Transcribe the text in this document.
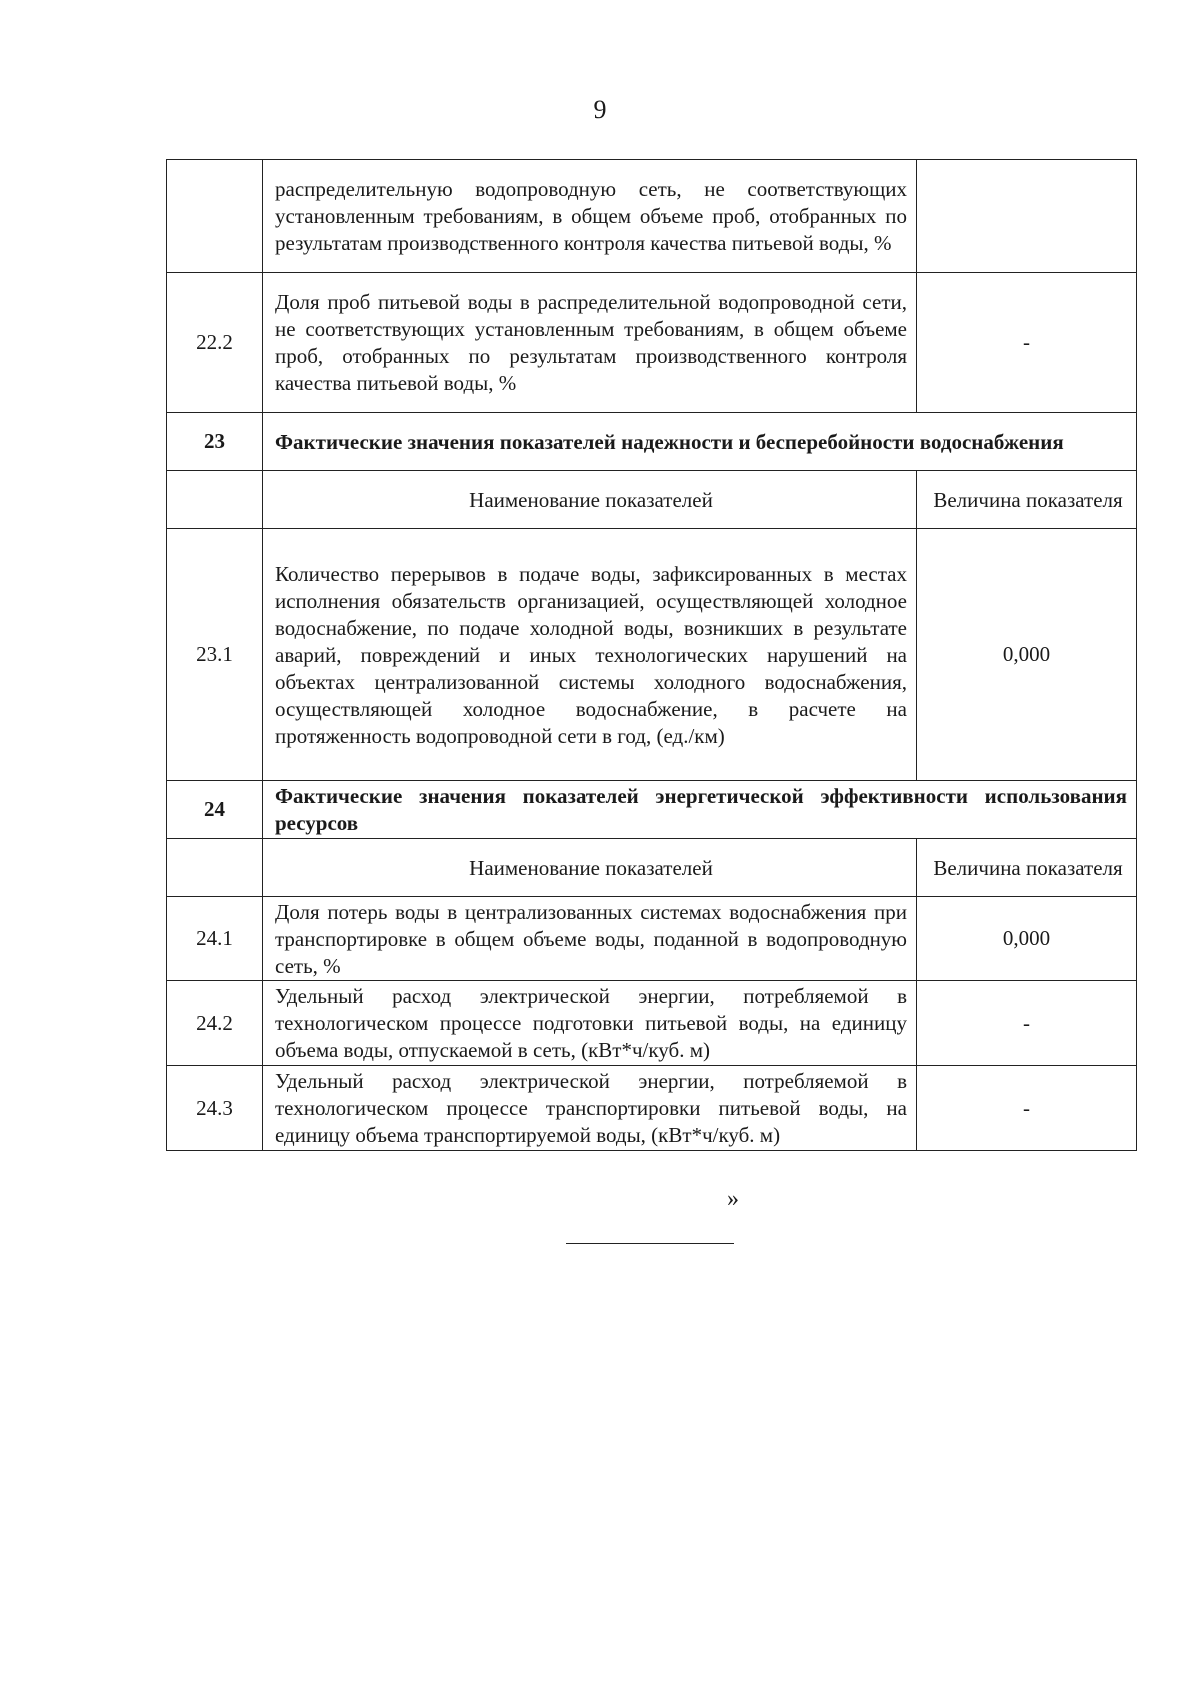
9
	распределительную водопроводную сеть, не соответствующих установленным требованиям, в общем объеме проб, отобранных по результатам производственного контроля качества питьевой воды, %	
22.2	Доля проб питьевой воды в распределительной водопроводной сети, не соответствующих установленным требованиям, в общем объеме проб, отобранных по результатам производственного контроля качества питьевой воды, %	-
23	Фактические значения показателей надежности и бесперебойности водоснабжения	
	Наименование показателей	Величина показателя
23.1	Количество перерывов в подаче воды, зафиксированных в местах исполнения обязательств организацией, осуществляющей холодное водоснабжение, по подаче холодной воды, возникших в результате аварий, повреждений и иных технологических нарушений на объектах централизованной системы холодного водоснабжения, осуществляющей холодное водоснабжение, в расчете на протяженность водопроводной сети в год, (ед./км)	0,000
24	Фактические значения показателей энергетической эффективности использования ресурсов	
	Наименование показателей	Величина показателя
24.1	Доля потерь воды в централизованных системах водоснабжения при транспортировке в общем объеме воды, поданной в водопроводную сеть, %	0,000
24.2	Удельный расход электрической энергии, потребляемой в технологическом процессе подготовки питьевой воды, на единицу объема воды, отпускаемой в сеть, (кВт*ч/куб. м)	-
24.3	Удельный расход электрической энергии, потребляемой в технологическом процессе транспортировки питьевой воды, на единицу объема транспортируемой воды, (кВт*ч/куб. м)	-
»
